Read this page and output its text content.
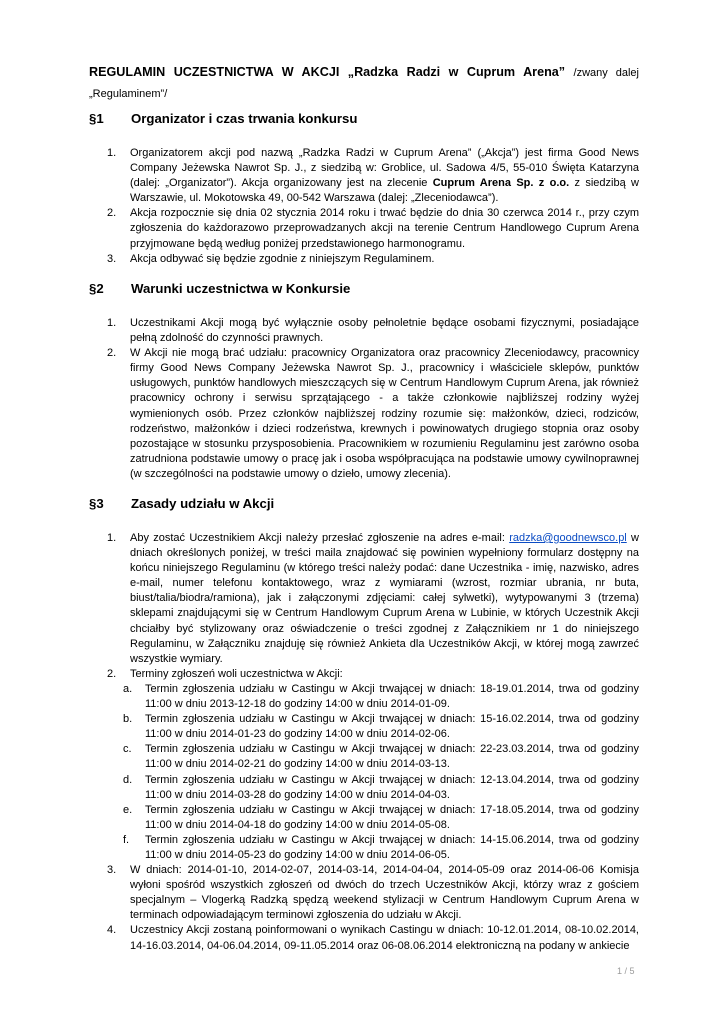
REGULAMIN UCZESTNICTWA W AKCJI „Radzka Radzi w Cuprum Arena” /zwany dalej „Regulaminem”/
§1 Organizator i czas trwania konkursu
1. Organizatorem akcji pod nazwą „Radzka Radzi w Cuprum Arena” („Akcja”) jest firma Good News Company Jeżewska Nawrot Sp. J., z siedzibą w: Groblice, ul. Sadowa 4/5, 55-010 Święta Katarzyna (dalej: „Organizator”). Akcja organizowany jest na zlecenie Cuprum Arena Sp. z o.o. z siedzibą w Warszawie, ul. Mokotowska 49, 00-542 Warszawa (dalej: „Zleceniodawca”).
2. Akcja rozpocznie się dnia 02 stycznia 2014 roku i trwać będzie do dnia 30 czerwca 2014 r., przy czym zgłoszenia do każdorazowo przeprowadzanych akcji na terenie Centrum Handlowego Cuprum Arena przyjmowane będą według poniżej przedstawionego harmonogramu.
3. Akcja odbywać się będzie zgodnie z niniejszym Regulaminem.
§2 Warunki uczestnictwa w Konkursie
1. Uczestnikami Akcji mogą być wyłącznie osoby pełnoletnie będące osobami fizycznymi, posiadające pełną zdolność do czynności prawnych.
2. W Akcji nie mogą brać udziału: pracownicy Organizatora oraz pracownicy Zleceniodawcy, pracownicy firmy Good News Company Jeżewska Nawrot Sp. J., pracownicy i właściciele sklepów, punktów usługowych, punktów handlowych mieszczących się w Centrum Handlowym Cuprum Arena, jak również pracownicy ochrony i serwisu sprzątającego - a także członkowie najbliższej rodziny wyżej wymienionych osób. Przez członków najbliższej rodziny rozumie się: małżonków, dzieci, rodziców, rodzeństwo, małżonków i dzieci rodzeństwa, krewnych i powinowatych drugiego stopnia oraz osoby pozostające w stosunku przysposobienia. Pracownikiem w rozumieniu Regulaminu jest zarówno osoba zatrudniona podstawie umowy o pracę jak i osoba współpracująca na podstawie umowy cywilnoprawnej (w szczególności na podstawie umowy o dzieło, umowy zlecenia).
§3 Zasady udziału w Akcji
1. Aby zostać Uczestnikiem Akcji należy przesłać zgłoszenie na adres e-mail: radzka@goodnewsco.pl w dniach określonych poniżej, w treści maila znajdować się powinien wypełniony formularz dostępny na końcu niniejszego Regulaminu (w którego treści należy podać: dane Uczestnika - imię, nazwisko, adres e-mail, numer telefonu kontaktowego, wraz z wymiarami (wzrost, rozmiar ubrania, nr buta, biust/talia/biodra/ramiona), jak i załączonymi zdjęciami: całej sylwetki), wytypowanymi 3 (trzema) sklepami znajdującymi się w Centrum Handlowym Cuprum Arena w Lubinie, w których Uczestnik Akcji chciałby być stylizowany oraz oświadczenie o treści zgodnej z Załącznikiem nr 1 do niniejszego Regulaminu, w Załączniku znajduję się również Ankieta dla Uczestników Akcji, w której mogą zawrzeć wszystkie wymiary.
2. Terminy zgłoszeń woli uczestnictwa w Akcji:
a. Termin zgłoszenia udziału w Castingu w Akcji trwającej w dniach: 18-19.01.2014, trwa od godziny 11:00 w dniu 2013-12-18 do godziny 14:00 w dniu 2014-01-09.
b. Termin zgłoszenia udziału w Castingu w Akcji trwającej w dniach: 15-16.02.2014, trwa od godziny 11:00 w dniu 2014-01-23 do godziny 14:00 w dniu 2014-02-06.
c. Termin zgłoszenia udziału w Castingu w Akcji trwającej w dniach: 22-23.03.2014, trwa od godziny 11:00 w dniu 2014-02-21 do godziny 14:00 w dniu 2014-03-13.
d. Termin zgłoszenia udziału w Castingu w Akcji trwającej w dniach: 12-13.04.2014, trwa od godziny 11:00 w dniu 2014-03-28 do godziny 14:00 w dniu 2014-04-03.
e. Termin zgłoszenia udziału w Castingu w Akcji trwającej w dniach: 17-18.05.2014, trwa od godziny 11:00 w dniu 2014-04-18 do godziny 14:00 w dniu 2014-05-08.
f. Termin zgłoszenia udziału w Castingu w Akcji trwającej w dniach: 14-15.06.2014, trwa od godziny 11:00 w dniu 2014-05-23 do godziny 14:00 w dniu 2014-06-05.
3. W dniach: 2014-01-10, 2014-02-07, 2014-03-14, 2014-04-04, 2014-05-09 oraz 2014-06-06 Komisja wyłoni spośród wszystkich zgłoszeń od dwóch do trzech Uczestników Akcji, którzy wraz z gościem specjalnym – Vlogerką Radzką spędzą weekend stylizacji w Centrum Handlowym Cuprum Arena w terminach odpowiadającym terminowi zgłoszenia do udziału w Akcji.
4. Uczestnicy Akcji zostaną poinformowani o wynikach Castingu w dniach: 10-12.01.2014, 08-10.02.2014, 14-16.03.2014, 04-06.04.2014, 09-11.05.2014 oraz 06-08.06.2014 elektroniczną na podany w ankiecie
1 / 5
